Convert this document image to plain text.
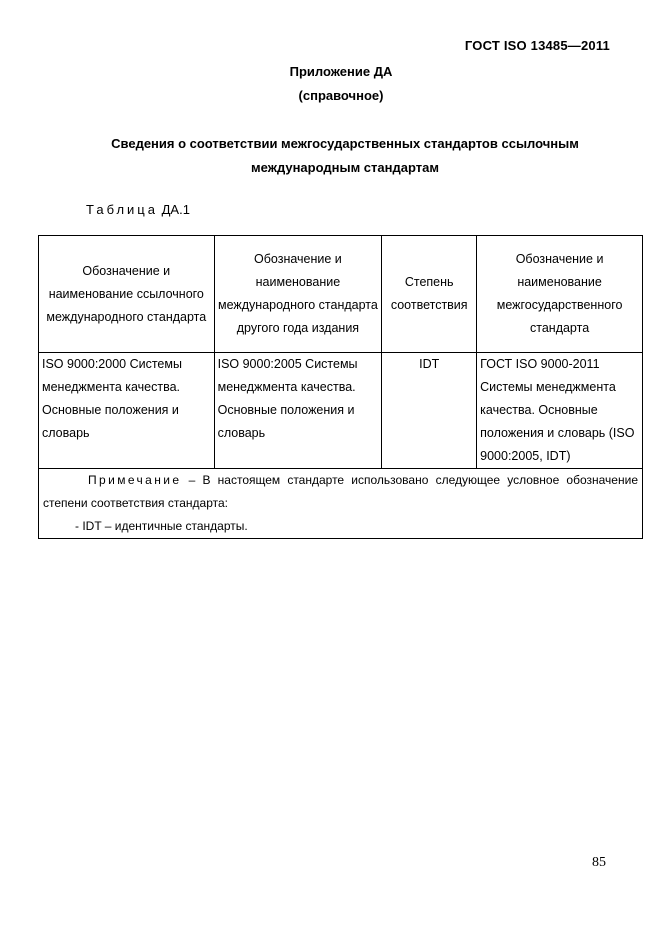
ГОСТ ISO 13485—2011
Приложение ДА
(справочное)
Сведения о соответствии межгосударственных стандартов ссылочным
международным стандартам
Таблица ДА.1
Обозначение и наименование ссылочного международного стандарта	Обозначение и наименование международного стандарта другого года издания	Степень соответствия	Обозначение и наименование межгосударственного стандарта
ISO 9000:2000 Системы менеджмента качества. Основные положения и словарь	ISO 9000:2005 Системы менеджмента качества. Основные положения и словарь	IDT	ГОСТ ISO 9000-2011 Системы менеджмента качества. Основные положения и словарь (ISO 9000:2005, IDT)

Примечание – В настоящем стандарте использовано следующее условное обозначение
степени соответствия стандарта:
- IDT – идентичные стандарты.			
85
